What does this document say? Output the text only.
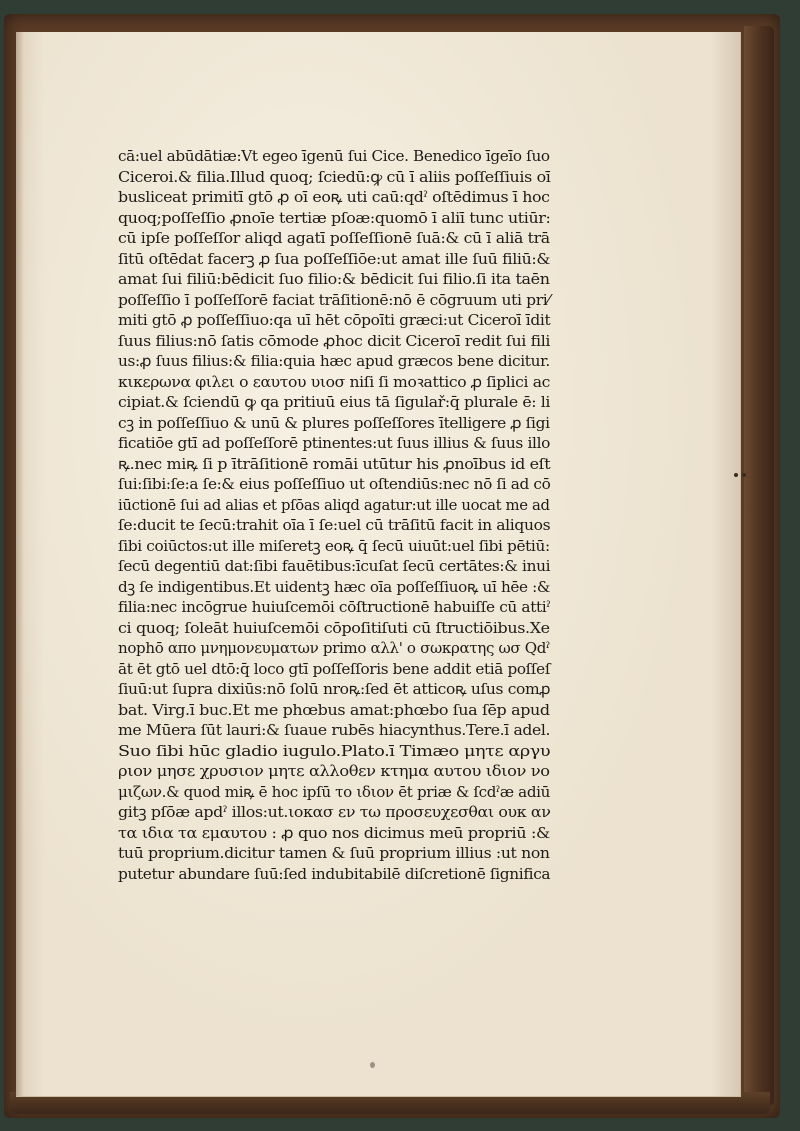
cā:uel abūdātiæ:Vt egeo īgenū ſui Cice. Benedico īgeīo ſuo
Ciceroi.& filia.Illud quoq; ſciedū:ꝙ cū ī aliis poſſeſſiuis oī
busliceat primitī gtō ꝓ oī eoꝶ uti caū:qdˀ oſtēdimus ī hoc
quoq;poſſeſſio ꝓnoīe tertiæ pſoæ:quomō ī aliī tunc utiūr:
cū ipſe poſſeſſor aliqd agatī poſſeſſionē ſuā:& cū ī aliā trā
ſitū oſtēdat facerꝫ ꝓ ſua poſſeſſiōe:ut amat ille ſuū filiū:&
amat ſui filiū:bēdicit ſuo filio:& bēdicit ſui filio.ſi ita taēn
poſſeſſio ī poſſeſſorē faciat trāſitionē:nō ē cōgruum uti pri⁄
miti gtō ꝓ poſſeſſiuo:qa uī hēt cōpoīti græci:ut Ciceroī īdit
ſuus filius:nō ſatis cōmode ꝓhoc dicit Ciceroī redit ſui fili
us:ꝓ ſuus filius:& filia:quia hæc apud græcos bene dicitur.
κικερωνα φιλει ο εαυτου υιοσ niſi ſi moꝛattico ꝓ ſiplici ac
cipiat.& ſciendū ꝙ qa pritiuū eius tā ſigulař:q̄ plurale ē: li
cꝫ in poſſeſſiuo & unū & plures poſſeſſores ītelligere ꝓ ſigi
ficatiōe gtī ad poſſeſſorē ptinentes:ut ſuus illius & ſuus illo
ꝶ.nec miꝶ ſi p ītrāſitionē romāi utūtur his ꝓnoībus id eſt
ſui:ſibi:ſe:a ſe:& eius poſſeſſiuo ut oſtendiūs:nec nō ſi ad cō
iūctionē ſui ad alias et pſōas aliqd agatur:ut ille uocat me ad
ſe:ducit te ſecū:trahit oīa ī ſe:uel cū trāſitū facit in aliquos
ſibi coiūctos:ut ille miſeretꝫ eoꝶ q̄ ſecū uiuūt:uel ſibi pētiū:
ſecū degentiū dat:ſibi fauētibus:īcuſat ſecū certātes:& inui
dꝫ ſe indigentibus.Et uidentꝫ hæc oīa poſſeſſiuoꝶ uī hēe :&
filia:nec incōgrue huiuſcemōi cōſtructionē habuiſſe cū attiˀ
ci quoq; ſoleāt huiuſcemōi cōpoſitiſuti cū ſtructiōibus.Xe
nophō απο μνημονευματων primo αλλ' ο σωκρατης ωσ Qdˀ
āt ēt gtō uel dtō:q̄ loco gtī poſſeſſoris bene addit etiā poſſeſ
ſiuū:ut ſupra dixiūs:nō ſolū nroꝶ:ſed ēt atticoꝶ uſus comꝓ
bat. Virg.ī buc.Et me phœbus amat:phœbo ſua ſēp apud
me Mūera ſūt lauri:& ſuaue rubēs hiacynthus.Tere.ī adel.
Suo ſibi hūc gladio iugulo.Plato.ī Timæo μητε αργυ
ριον μησε χρυσιον μητε αλλοθεν κτημα αυτου ιδιον νο
μιζων.& quod miꝶ ē hoc ipſū το ιδιον ēt priæ & ſcdˀæ adiū
gitꝫ pſōæ apdˀ illos:ut.ιοκασ εν τω προσευχεσθαι ουκ αν
τα ιδια τα εμαυτου : ꝓ quo nos dicimus meū propriū :&
tuū proprium.dicitur tamen & ſuū proprium illius :ut non
putetur abundare ſuū:ſed indubitabilē diſcretionē ſignifica
